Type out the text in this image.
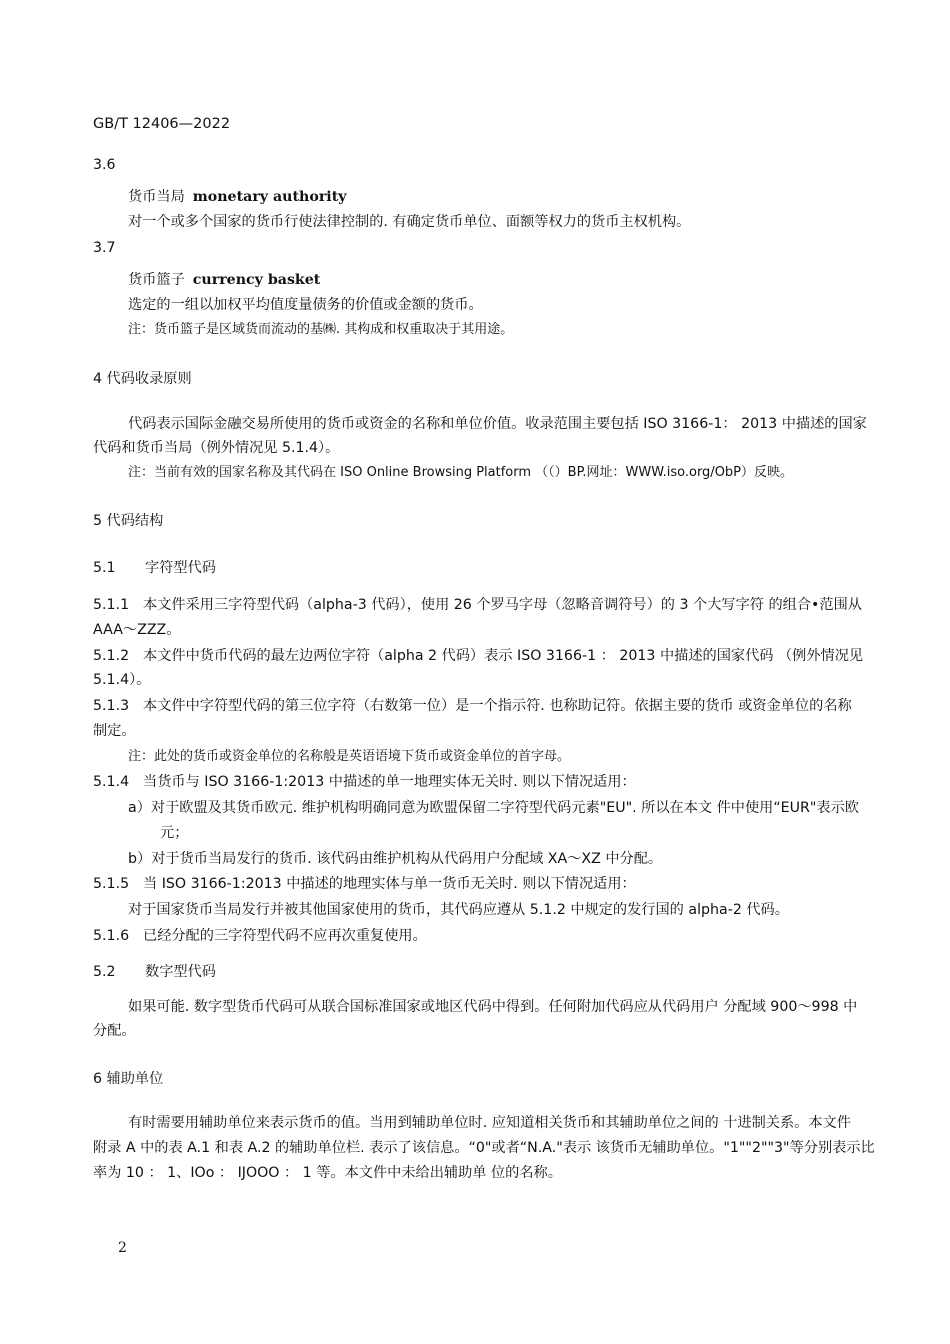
GB/T 12406—2022
3.6
货币当局 monetary authority
对一个或多个国家的货币行使法律控制的. 有确定货币单位、面额等权力的货币主权机构。
3.7
货币篮子 currency basket
选定的一组以加权平均值度量债务的价值或金额的货币。
注：货币篮子是区域货而流动的基㈱. 其构成和权重取决于其用途。
4 代码收录原则
代码表示国际金融交易所使用的货币或资金的名称和单位价值。收录范围主要包括 ISO 3166-1： 2013 中描述的国家
代码和货币当局（例外情况见 5.1.4）。
注：当前有效的国家名称及其代码在 ISO Online Browsing Platform （（）BP.网址：WWW.iso.org/ObP）反映。
5 代码结构
5.1 字符型代码
5.1.1 本文件采用三字符型代码（alpha-3 代码），使用 26 个罗马字母（忽略音调符号）的 3 个大写字符 的组合•范围从
AAA〜ZZZ。
5.1.2 本文件中货币代码的最左边两位字符（alpha 2 代码）表示 ISO 3166-1 ： 2013 中描述的国家代码 （例外情况见
5.1.4）。
5.1.3 本文件中字符型代码的第三位字符（右数第一位）是一个指示符. 也称助记符。依据主要的货币 或资金单位的名称
制定。
注：此处的货币或资金单位的名称般是英语语境下货币或资金单位的首字母。
5.1.4 当货币与 ISO 3166-1:2013 中描述的单一地理实体无关时. 则以下情况适用：
a）对于欧盟及其货币欧元. 维护机构明确同意为欧盟保留二字符型代码元素"EU". 所以在本文 件中使用“EUR"表示欧
元；
b）对于货币当局发行的货币. 该代码由维护机构从代码用户分配域 XA〜XZ 中分配。
5.1.5 当 ISO 3166-1:2013 中描述的地理实体与单一货币无关时. 则以下情况适用：
对于国家货币当局发行并被其他国家使用的货币，其代码应遵从 5.1.2 中规定的发行国的 alpha-2 代码。
5.1.6 已经分配的三字符型代码不应再次重复使用。
5.2 数字型代码
如果可能. 数字型货币代码可从联合国标准国家或地区代码中得到。任何附加代码应从代码用户 分配域 900〜998 中
分配。
6 辅助单位
有时需要用辅助单位来表示货币的值。当用到辅助单位时. 应知道相关货币和其辅助单位之间的 十进制关系。本文件
附录 A 中的表 A.1 和表 A.2 的辅助单位栏. 表示了该信息。“0"或者“N.A."表示 该货币无辅助单位。"1""2""3"等分别表示比
率为 10 ： 1、IOo ： IJOOO ： 1 等。本文件中未给出辅助单 位的名称。
2
